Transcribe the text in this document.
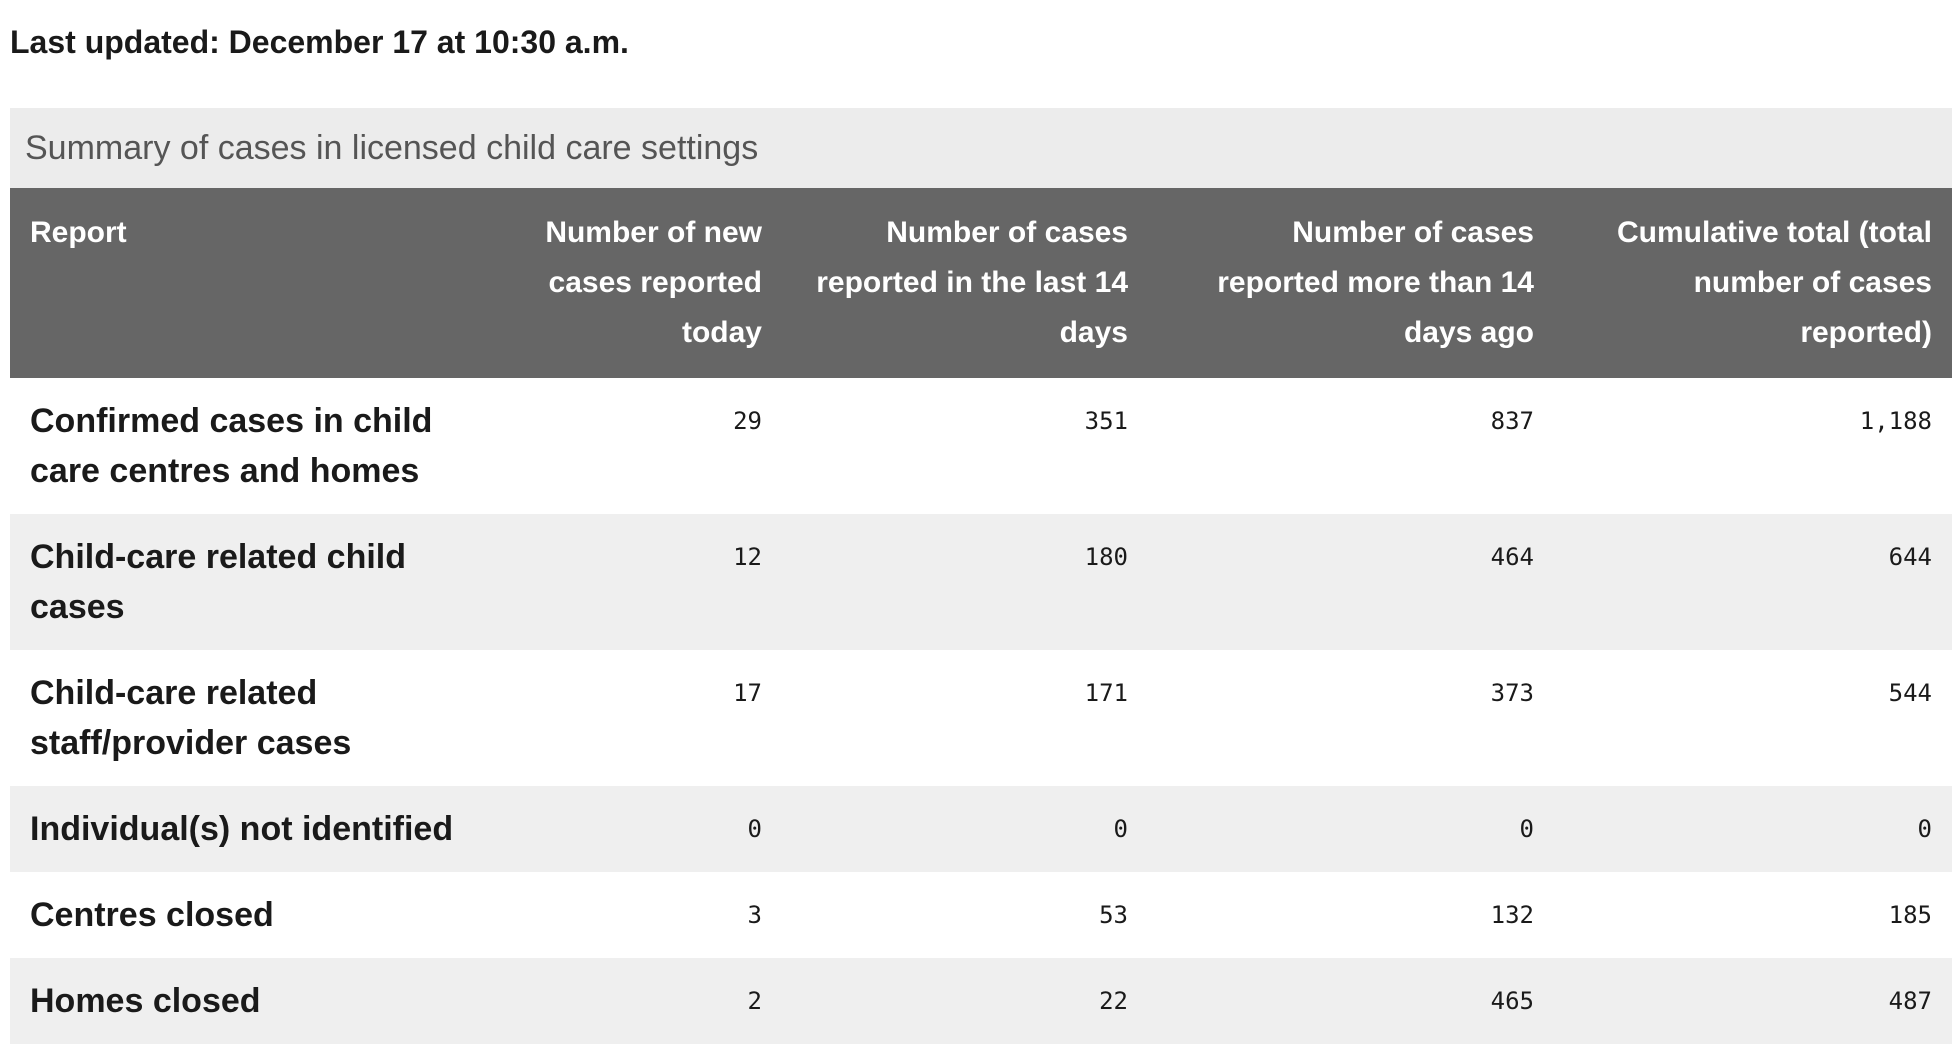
Last updated: December 17 at 10:30 a.m.
Summary of cases in licensed child care settings
Report	Number of new cases reported today	Number of cases reported in the last 14 days	Number of cases reported more than 14 days ago	Cumulative total (total number of cases reported)
Confirmed cases in child care centres and homes	29	351	837	1,188
Child-care related child cases	12	180	464	644
Child-care related staff/provider cases	17	171	373	544
Individual(s) not identified	0	0	0	0
Centres closed	3	53	132	185
Homes closed	2	22	465	487
